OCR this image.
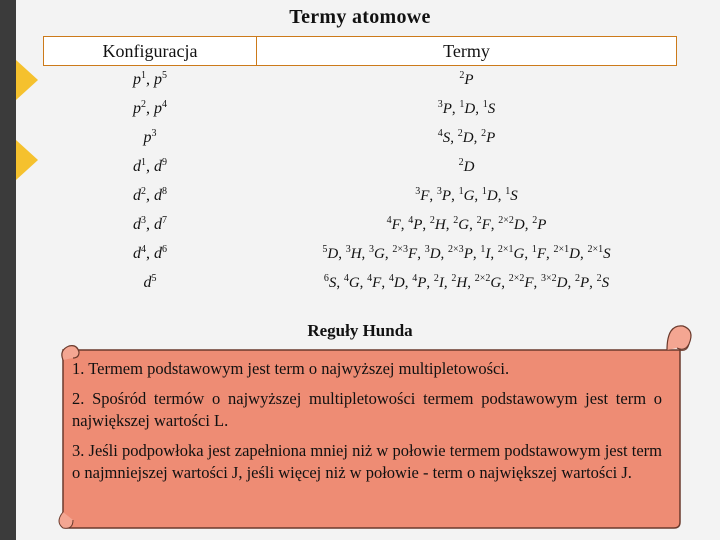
Termy atomowe
Konfiguracja	Termy
$p^1$, $p^5$	$^2$P
$p^2$, $p^4$	$^3$P, $^1$D, $^1$S
$p^3$	$^4$S, $^2$D, $^2$P
$d^1$, $d^9$	$^2$D
$d^2$, $d^8$	$^3$F, $^3$P, $^1$G, $^1$D, $^1$S
$d^3$, $d^7$	$^4$F, $^4$P, $^2$H, $^2$G, $^2$F, $^{2\times 2}$D, $^2$P
$d^4$, $d^6$	$^5$D, $^3$H, $^3$G, $^{2\times 3}$F, $^3$D, $^{2\times 3}$P, $^1$I, $^{2\times 1}$G, $^1$F, $^{2\times 1}$D, $^{2\times 1}$S
$d^5$	$^6$S, $^4$G, $^4$F, $^4$D, $^4$P, $^2$I, $^2$H, $^{2\times 2}$G, $^{2\times 2}$F, $^{3\times 2}$D, $^2$P, $^2$S
Reguły Hunda

1. Termem podstawowym jest term o najwyższej multipletowości.

2. Spośród termów o najwyższej multipletowości termem podstawowym jest term o największej wartości L.

3. Jeśli podpowłoka jest zapełniona mniej niż w połowie termem podstawowym jest term o najmniejszej wartości J, jeśli więcej niż w połowie - term o największej wartości J.
